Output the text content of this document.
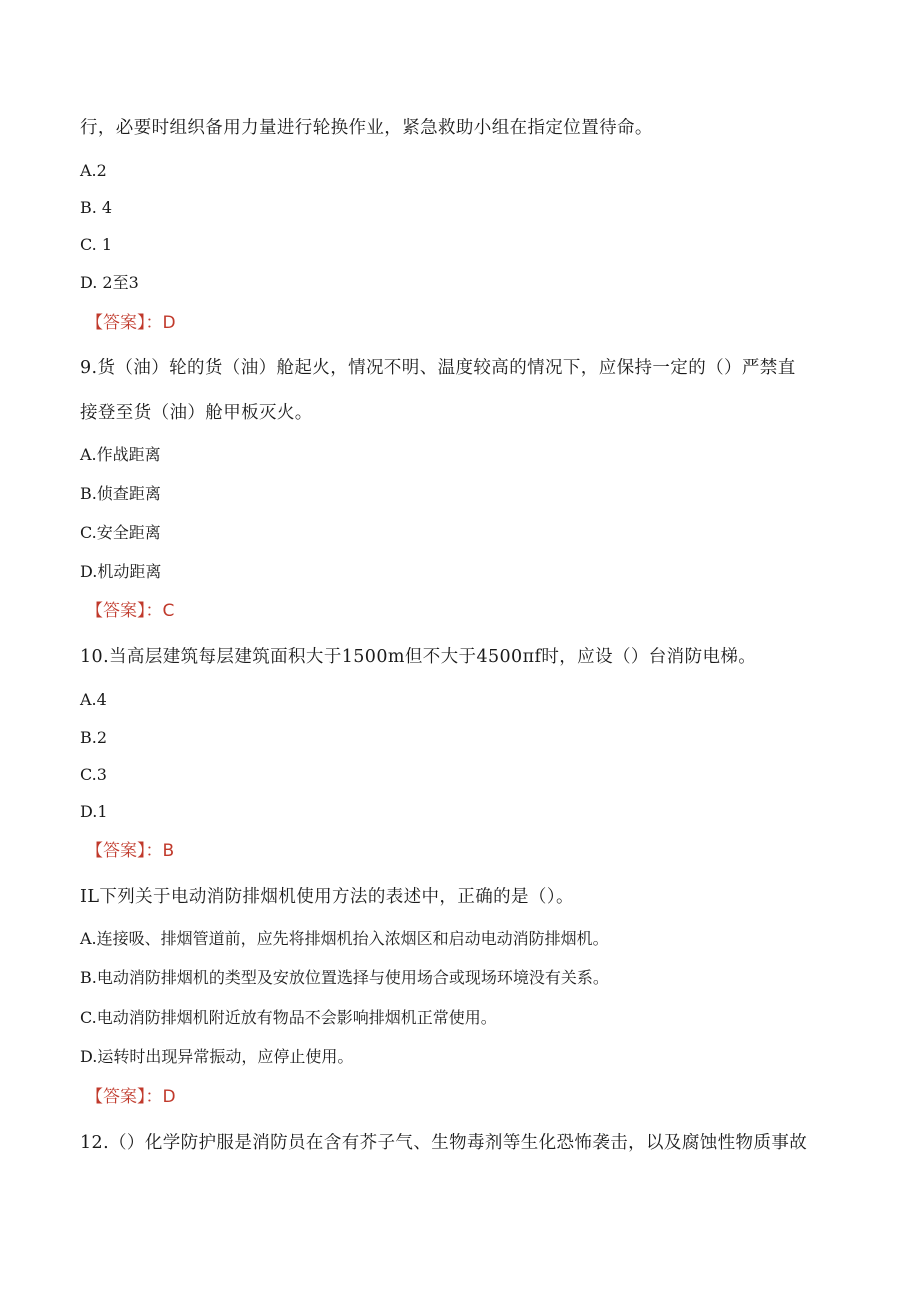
行，必要时组织备用力量进行轮换作业，紧急救助小组在指定位置待命。
A.2
B. 4
C. 1
D. 2至3
【答案】：D
9.货（油）轮的货（油）舱起火，情况不明、温度较高的情况下，应保持一定的（）严禁直
接登至货（油）舱甲板灭火。
A.作战距离
B.侦查距离
C.安全距离
D.机动距离
【答案】：C
10.当高层建筑每层建筑面积大于1500m但不大于4500πf时，应设（）台消防电梯。
A.4
B.2
C.3
D.1
【答案】：B
IL下列关于电动消防排烟机使用方法的表述中，正确的是（）。
A.连接吸、排烟管道前，应先将排烟机抬入浓烟区和启动电动消防排烟机。
B.电动消防排烟机的类型及安放位置选择与使用场合或现场环境没有关系。
C.电动消防排烟机附近放有物品不会影响排烟机正常使用。
D.运转时出现异常振动，应停止使用。
【答案】：D
12.（）化学防护服是消防员在含有芥子气、生物毒剂等生化恐怖袭击，以及腐蚀性物质事故
